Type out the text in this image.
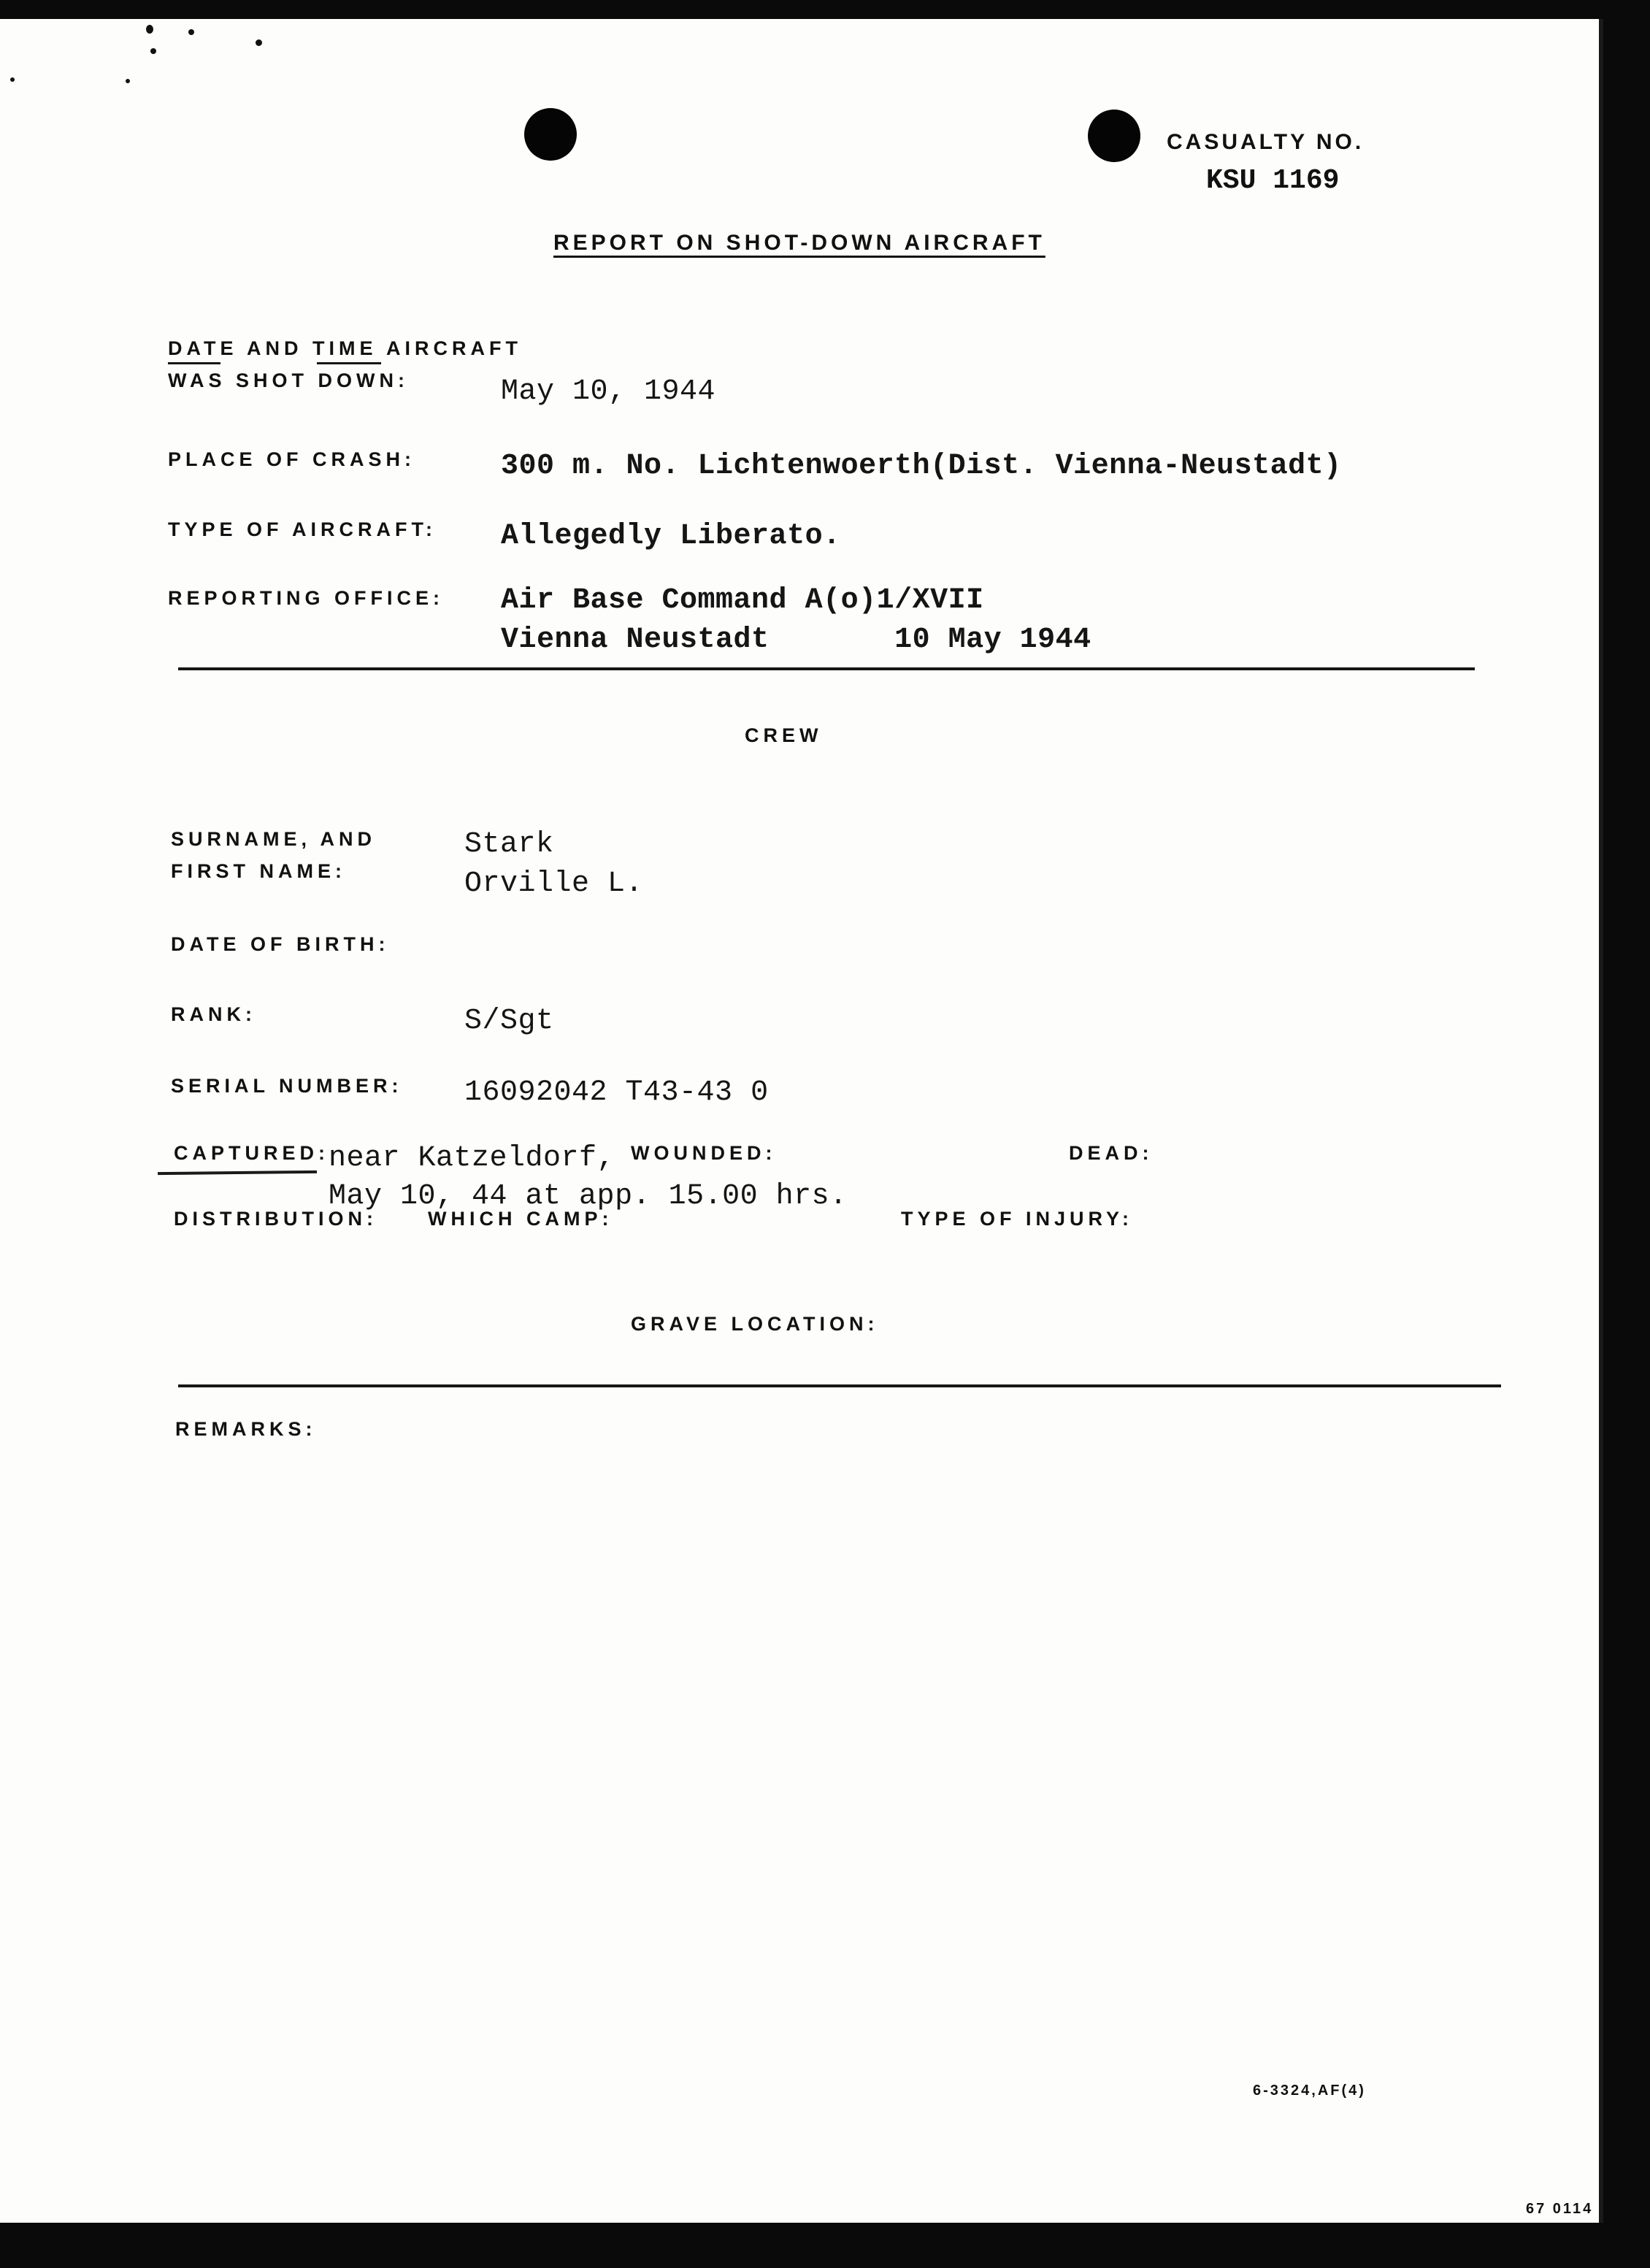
CASUALTY NO.
KSU 1169
REPORT ON SHOT-DOWN AIRCRAFT
DATE AND TIME AIRCRAFT
WAS SHOT DOWN:	May 10, 1944
PLACE OF CRASH:	300 m. No. Lichtenwoerth(Dist. Vienna-Neustadt)
TYPE OF AIRCRAFT: Allegedly Liberato.
REPORTING OFFICE: Air Base Command A(o)1/XVII
Vienna Neustadt       10 May 1944
CREW
SURNAME, AND
FIRST NAME:
Stark
Orville L.
DATE OF BIRTH:
RANK:	S/Sgt
SERIAL NUMBER: 16092042 T43-43 0
CAPTURED: near Katzeldorf, WOUNDED:	DEAD:
May 10, 44 at app. 15.00 hrs.
DISTRIBUTION:	WHICH CAMP:	TYPE OF INJURY:
GRAVE LOCATION:
REMARKS:
6-3324,AF(4)
67 0114
